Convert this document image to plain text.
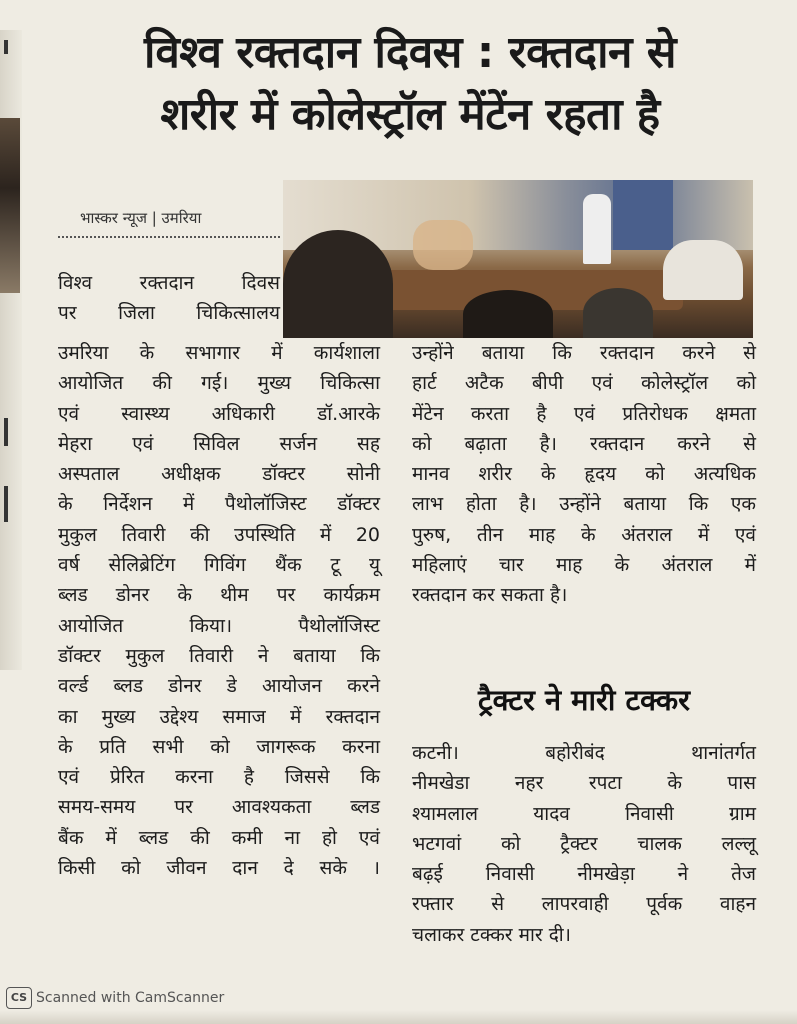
विश्व रक्तदान दिवस : रक्तदान से
शरीर में कोलेस्ट्रॉल मेंटेंन रहता है
भास्कर न्यूज | उमरिया

विश्व रक्तदान दिवस

पर जिला चिकित्सालय

उमरिया के सभागार में कार्यशाला

आयोजित की गई। मुख्य चिकित्सा

एवं स्वास्थ्य अधिकारी डॉ.आरके

मेहरा एवं सिविल सर्जन सह

अस्पताल अधीक्षक डॉक्टर सोनी

के निर्देशन में पैथोलॉजिस्ट डॉक्टर

मुकुल तिवारी की उपस्थिति में 20

वर्ष सेलिब्रेटिंग गिविंग थैंक टू यू

ब्लड डोनर के थीम पर कार्यक्रम

आयोजित किया। पैथोलॉजिस्ट

डॉक्टर मुकुल तिवारी ने बताया कि

वर्ल्ड ब्लड डोनर डे आयोजन करने

का मुख्य उद्देश्य समाज में रक्तदान

के प्रति सभी को जागरूक करना

एवं प्रेरित करना है जिससे कि

समय-समय पर आवश्यकता ब्लड

बैंक में ब्लड की कमी ना हो एवं

किसी को जीवन दान दे सके ।

उन्होंने बताया कि रक्तदान करने से

हार्ट अटैक बीपी एवं कोलेस्ट्रॉल को

मेंटेन करता है एवं प्रतिरोधक क्षमता

को बढ़ाता है। रक्तदान करने से

मानव शरीर के हृदय को अत्यधिक

लाभ होता है। उन्होंने बताया कि एक

पुरुष, तीन माह के अंतराल में एवं

महिलाएं चार माह के अंतराल में

रक्तदान कर सकता है।

ट्रैक्टर ने मारी टक्कर

कटनी। बहोरीबंद थानांतर्गत

नीमखेडा नहर रपटा के पास

श्यामलाल यादव निवासी ग्राम

भटगवां को ट्रैक्टर चालक लल्लू

बढ़ई निवासी नीमखेड़ा ने तेज

रफ्तार से लापरवाही पूर्वक वाहन

चलाकर टक्कर मार दी।

CS Scanned with CamScanner
